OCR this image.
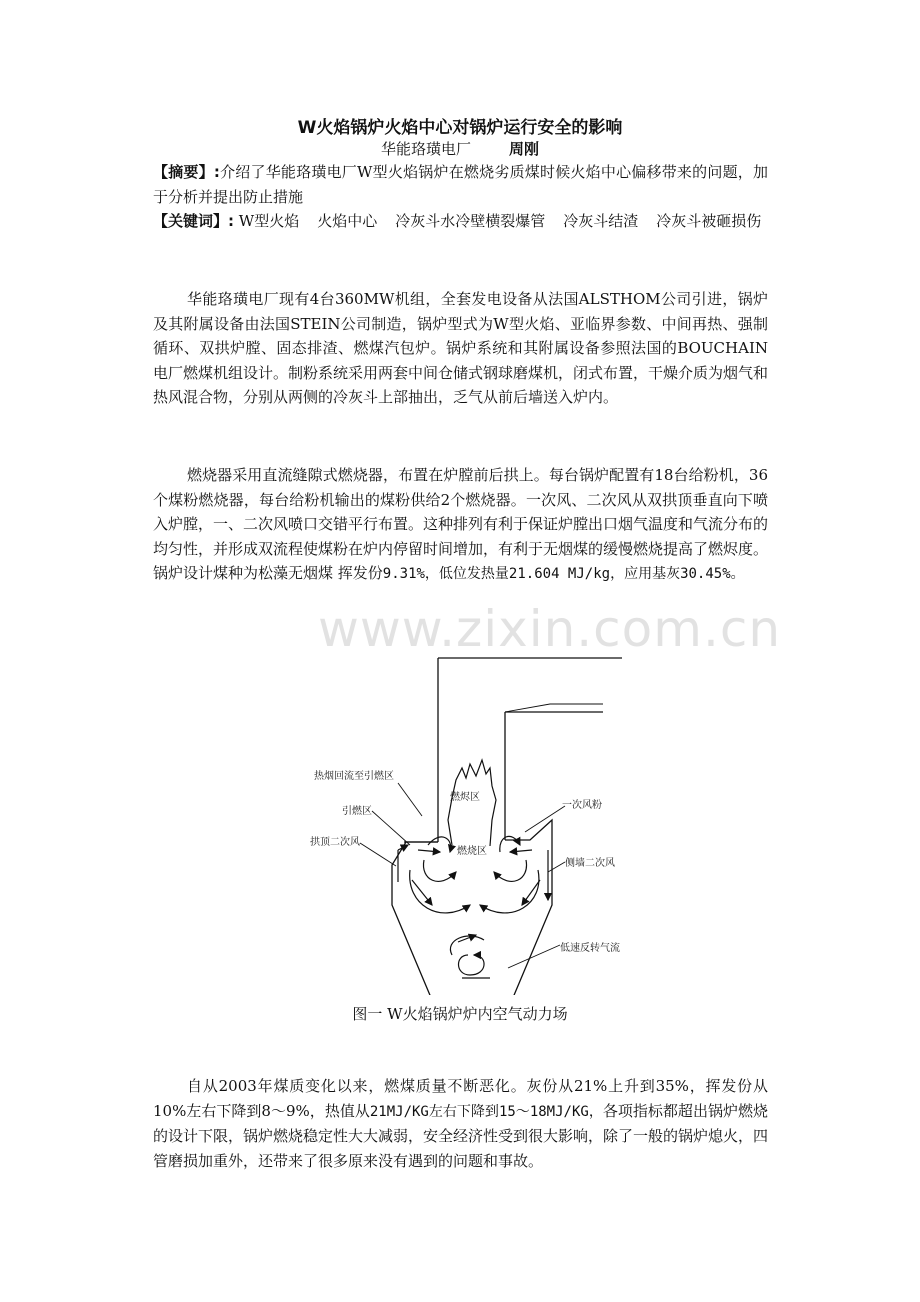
W火焰锅炉火焰中心对锅炉运行安全的影响
华能珞璜电厂	周刚

【摘要】:介绍了华能珞璜电厂W型火焰锅炉在燃烧劣质煤时候火焰中心偏移带来的问题，加于分析并提出防止措施

【关键词】: W型火焰 火焰中心 冷灰斗水冷壁横裂爆管 冷灰斗结渣 冷灰斗被砸损伤

华能珞璜电厂现有4台360MW机组，全套发电设备从法国ALSTHOM公司引进，锅炉及其附属设备由法国STEIN公司制造，锅炉型式为W型火焰、亚临界参数、中间再热、强制循环、双拱炉膛、固态排渣、燃煤汽包炉。锅炉系统和其附属设备参照法国的BOUCHAIN电厂燃煤机组设计。制粉系统采用两套中间仓储式钢球磨煤机，闭式布置，干燥介质为烟气和热风混合物，分别从两侧的冷灰斗上部抽出，乏气从前后墙送入炉内。

燃烧器采用直流缝隙式燃烧器，布置在炉膛前后拱上。每台锅炉配置有18台给粉机，36个煤粉燃烧器，每台给粉机输出的煤粉供给2个燃烧器。一次风、二次风从双拱顶垂直向下喷入炉膛，一、二次风喷口交错平行布置。这种排列有利于保证炉膛出口烟气温度和气流分布的均匀性，并形成双流程使煤粉在炉内停留时间增加，有利于无烟煤的缓慢燃烧提高了燃烬度。锅炉设计煤种为松藻无烟煤 挥发份9.31%，低位发热量21.604 MJ/kg，应用基灰30.45%。

www.zixin.com.cn
热烟回流至引燃区
引燃区
拱顶二次风
燃烬区
燃烧区
一次风粉
侧墙二次风
低速反转气流
图一 W火焰锅炉炉内空气动力场

自从2003年煤质变化以来，燃煤质量不断恶化。灰份从21%上升到35%，挥发份从10%左右下降到8～9%，热值从21MJ/KG左右下降到15～18MJ/KG，各项指标都超出锅炉燃烧的设计下限，锅炉燃烧稳定性大大减弱，安全经济性受到很大影响，除了一般的锅炉熄火，四管磨损加重外，还带来了很多原来没有遇到的问题和事故。
